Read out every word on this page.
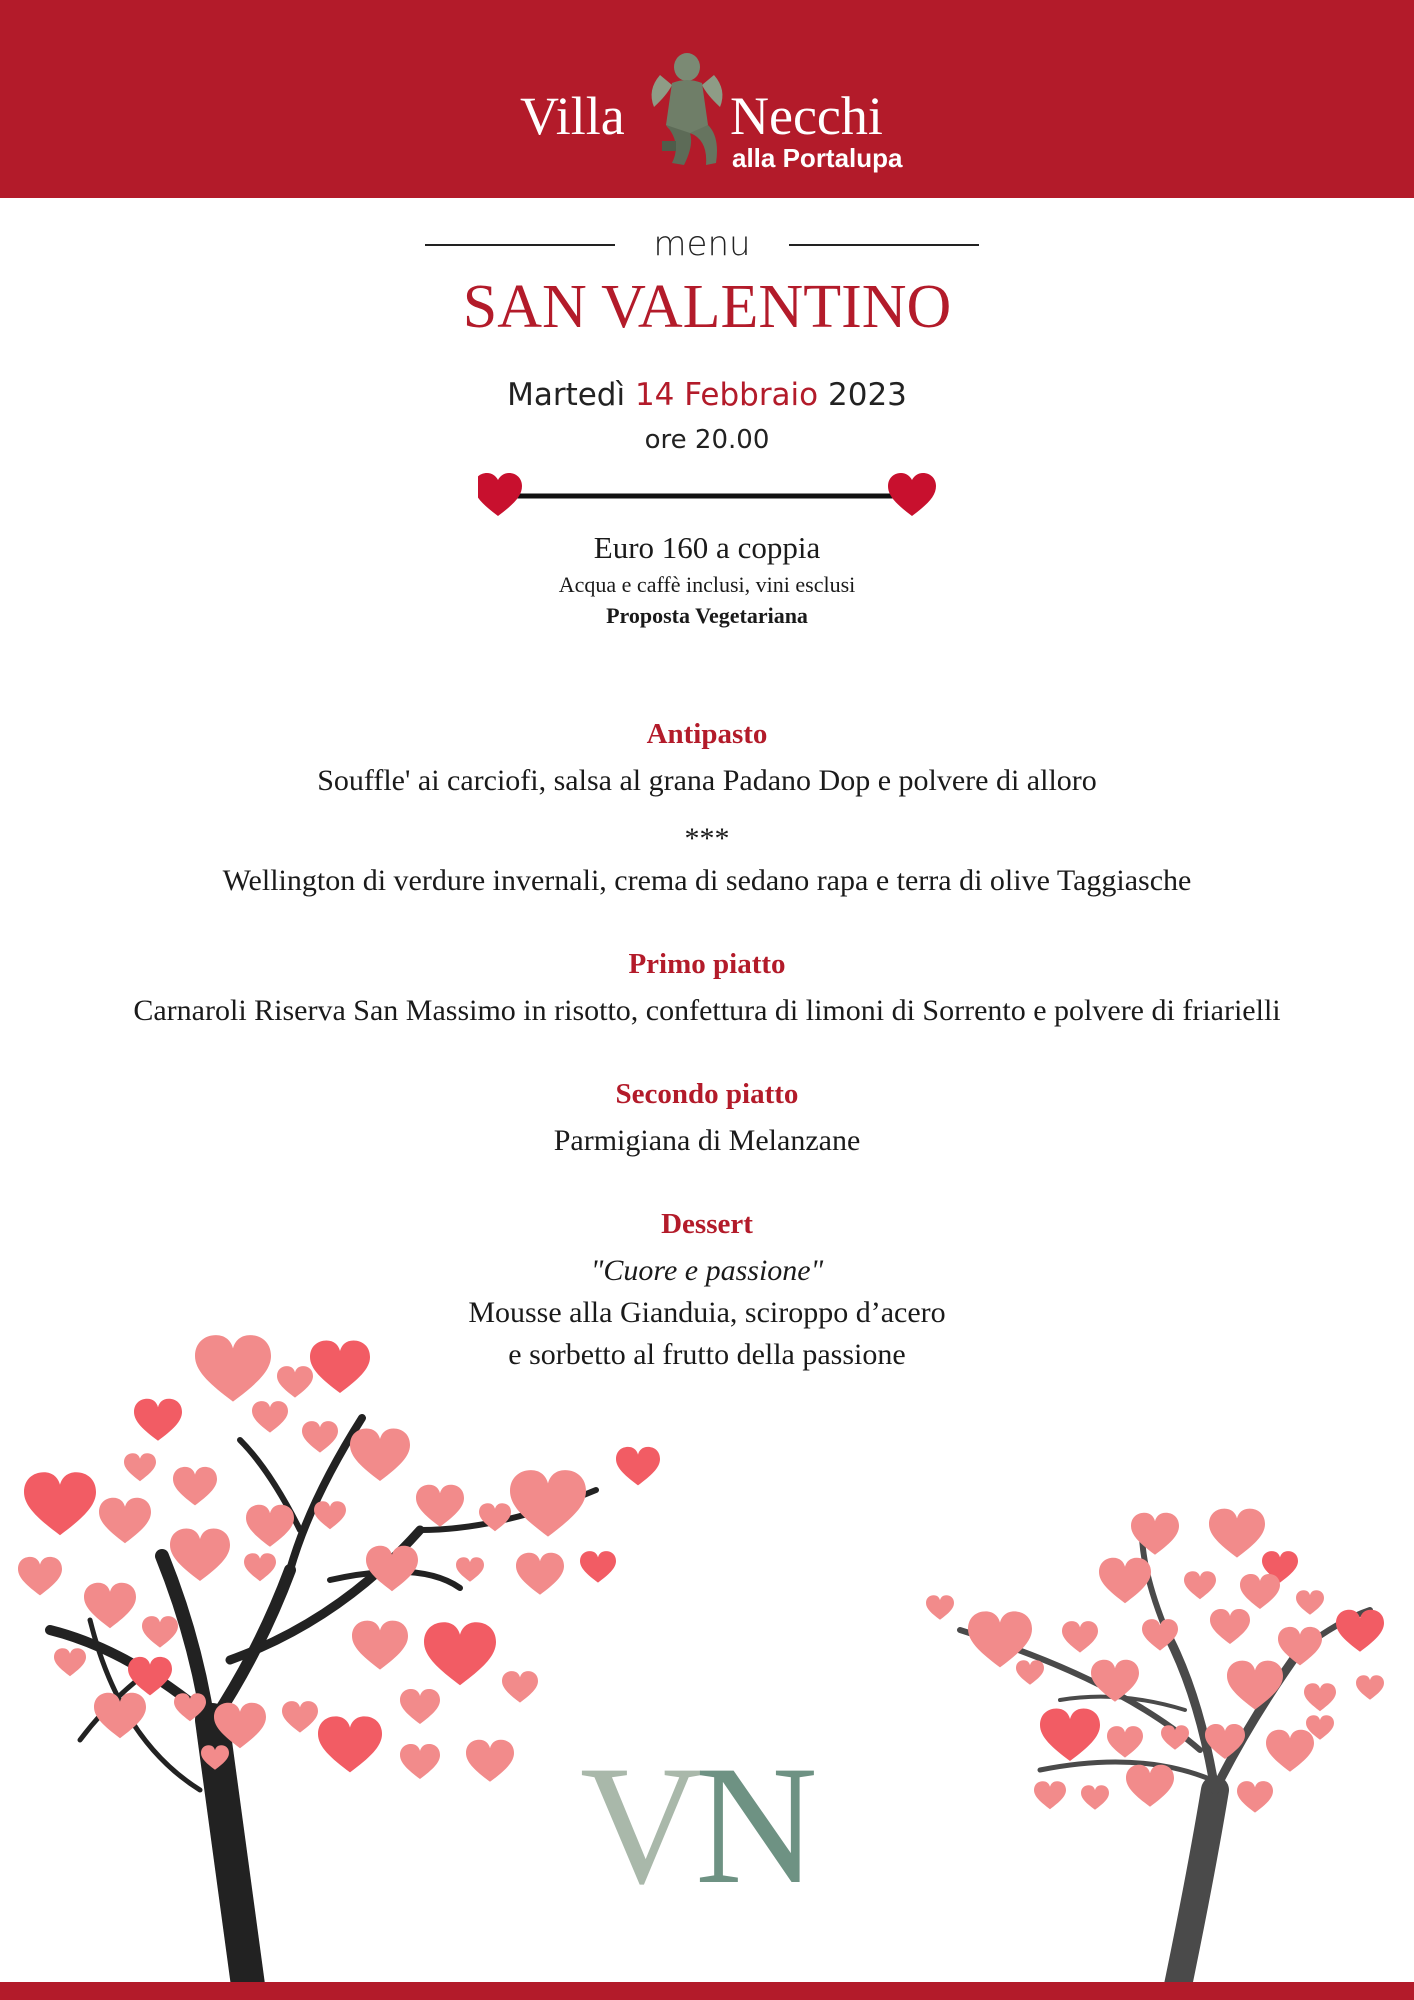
Villa Necchi
alla Portalupa
menu
SAN VALENTINO
Martedì 14 Febbraio 2023
ore 20.00
Euro 160 a coppia
Acqua e caffè inclusi, vini esclusi
Proposta Vegetariana
Antipasto
Souffle' ai carciofi, salsa al grana Padano Dop e polvere di alloro
***
Wellington di verdure invernali, crema di sedano rapa e terra di olive Taggiasche
Primo piatto
Carnaroli Riserva San Massimo in risotto, confettura di limoni di Sorrento e polvere di friarielli
Secondo piatto
Parmigiana di Melanzane
Dessert
"Cuore e passione"
Mousse alla Gianduia, sciroppo d’acero
e sorbetto al frutto della passione
V
N
